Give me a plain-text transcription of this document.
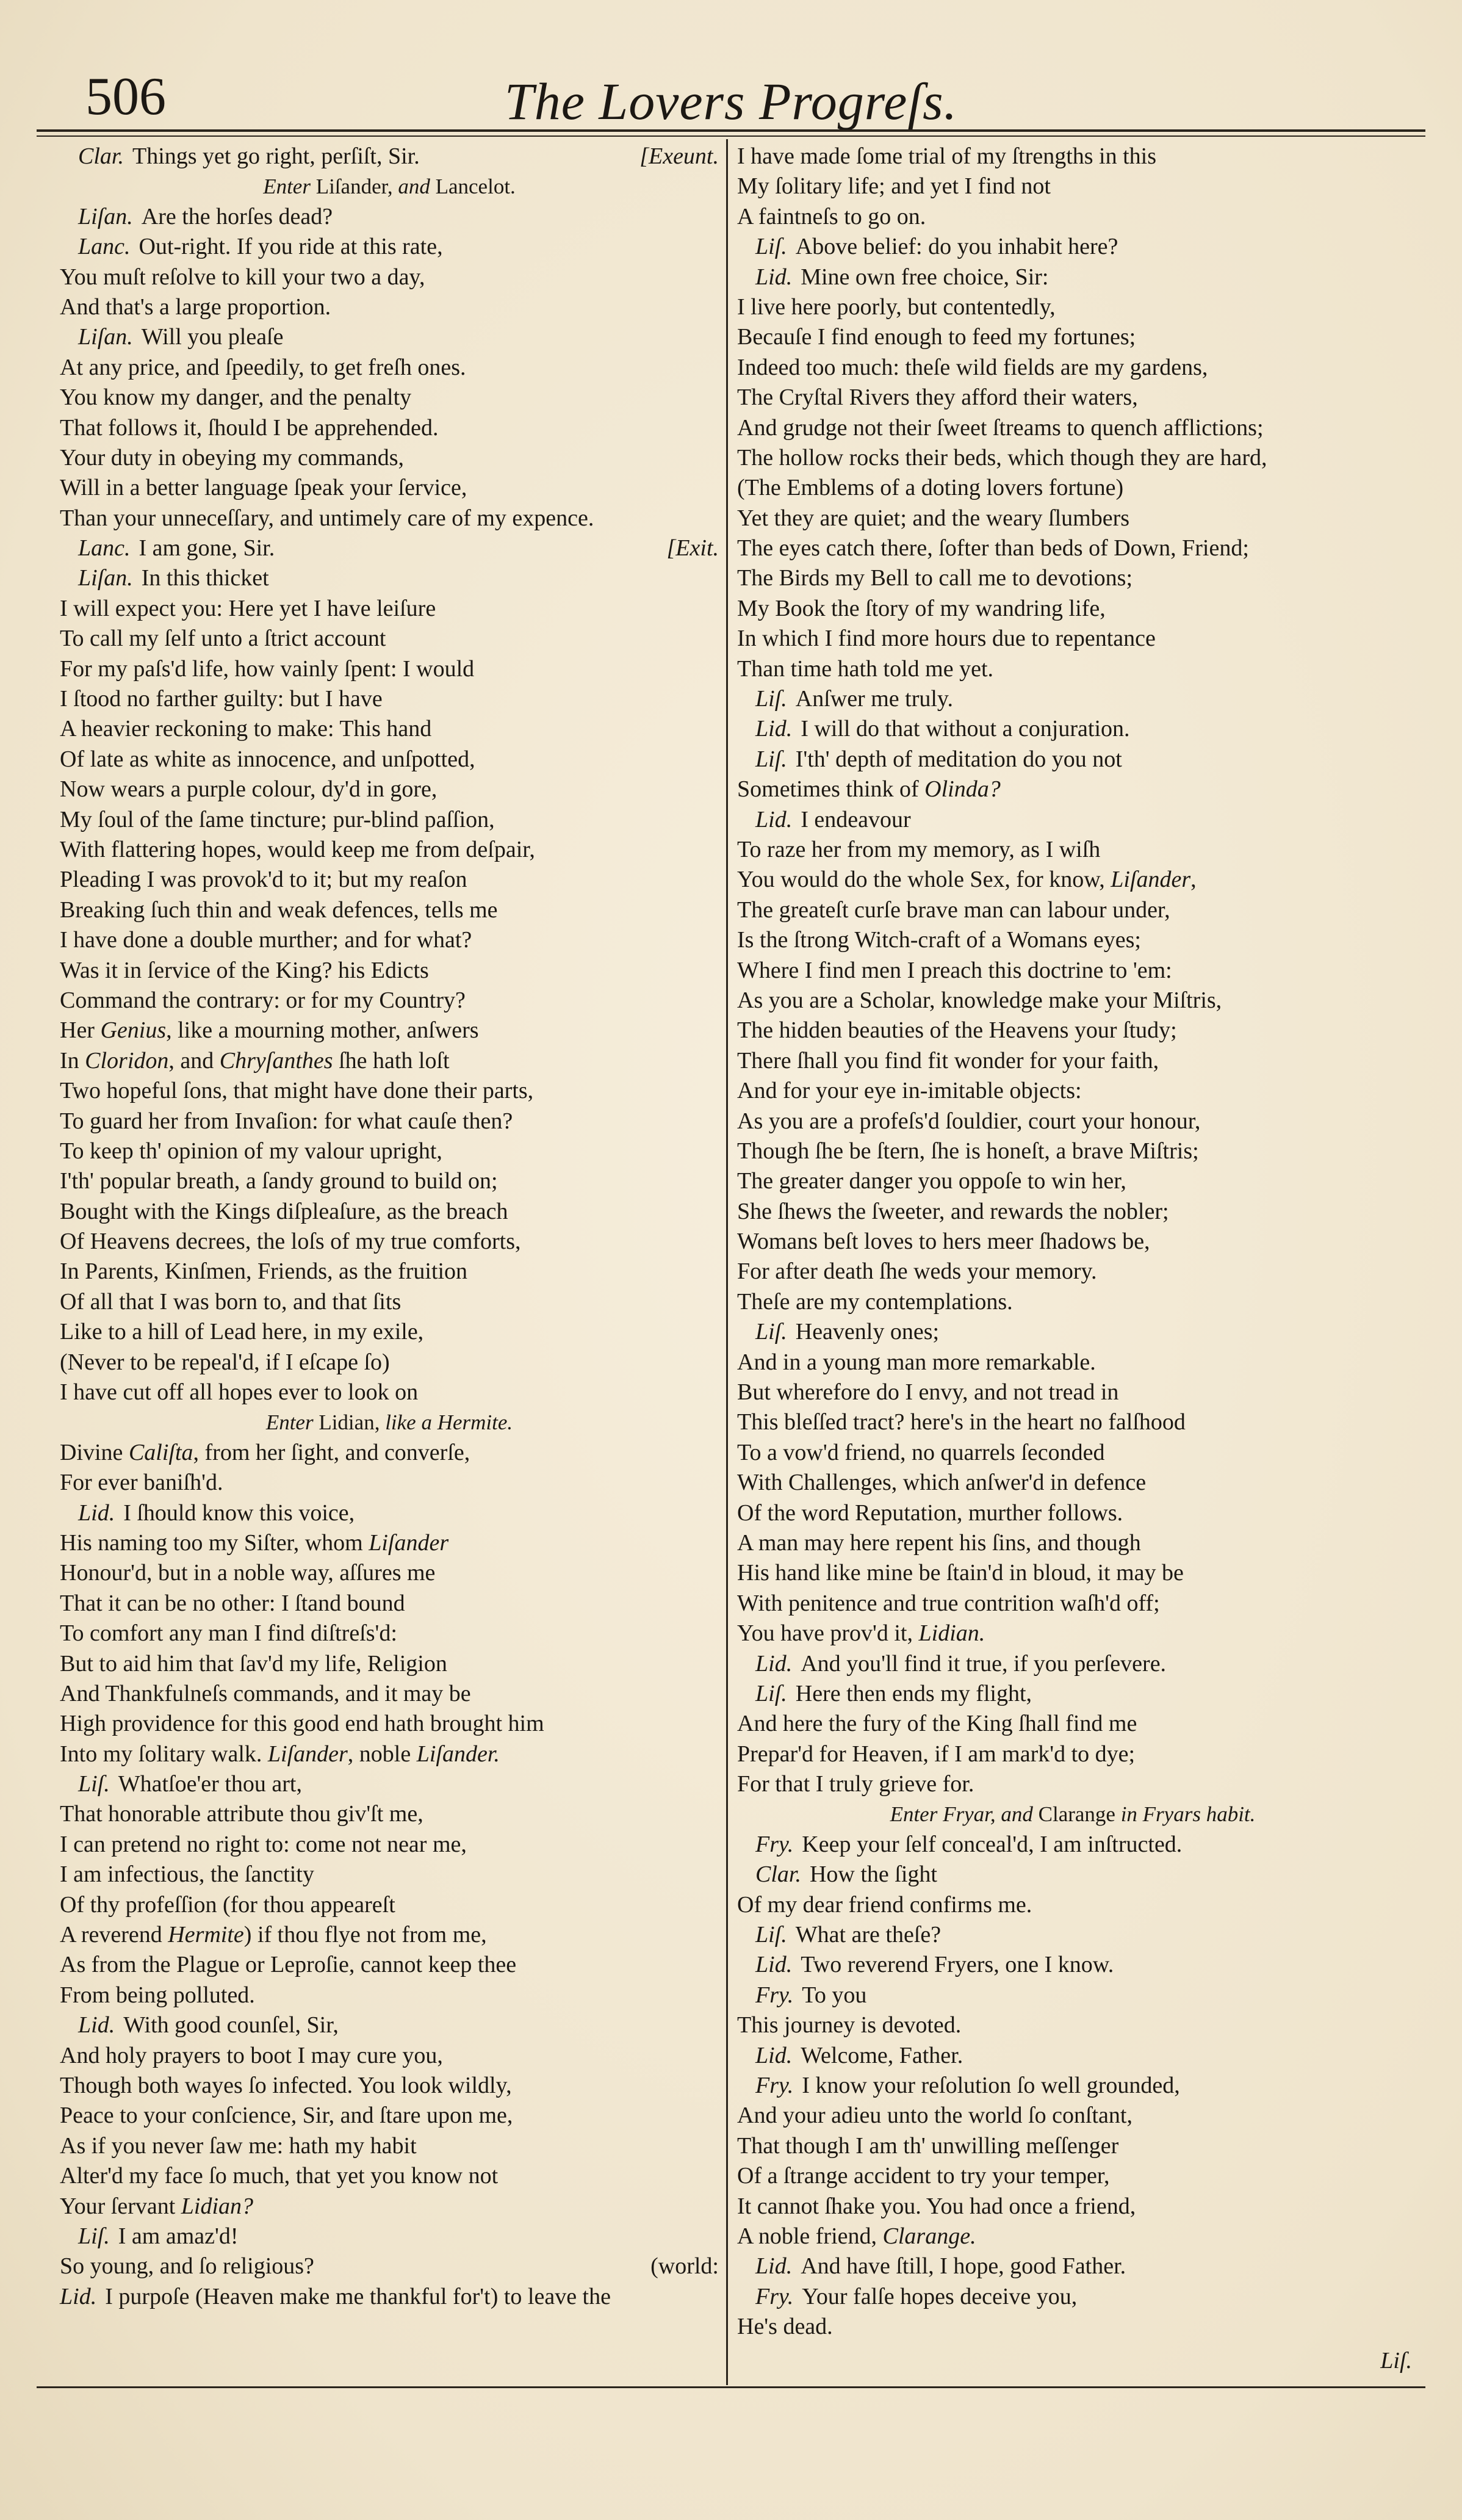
506	The Lovers Progreſs.
Clar. Things yet go right, perſiſt, Sir.	[Exeunt.
Enter Liſander, and Lancelot.
Liſan. Are the horſes dead?
Lanc. Out-right. If you ride at this rate,
You muſt reſolve to kill your two a day,
And that's a large proportion.
Liſan. Will you pleaſe
At any price, and ſpeedily, to get freſh ones.
You know my danger, and the penalty
That follows it, ſhould I be apprehended.
Your duty in obeying my commands,
Will in a better language ſpeak your ſervice,
Than your unneceſſary, and untimely care of my expence.
Lanc. I am gone, Sir.	[Exit.
Liſan. In this thicket
I will expect you: Here yet I have leiſure
To call my ſelf unto a ſtrict account
For my paſs'd life, how vainly ſpent: I would
I ſtood no farther guilty: but I have
A heavier reckoning to make: This hand
Of late as white as innocence, and unſpotted,
Now wears a purple colour, dy'd in gore,
My ſoul of the ſame tincture; pur-blind paſſion,
With flattering hopes, would keep me from deſpair,
Pleading I was provok'd to it; but my reaſon
Breaking ſuch thin and weak defences, tells me
I have done a double murther; and for what?
Was it in ſervice of the King? his Edicts
Command the contrary: or for my Country?
Her Genius, like a mourning mother, anſwers
In Cloridon, and Chryſanthes ſhe hath loſt
Two hopeful ſons, that might have done their parts,
To guard her from Invaſion: for what cauſe then?
To keep th' opinion of my valour upright,
I'th' popular breath, a ſandy ground to build on;
Bought with the Kings diſpleaſure, as the breach
Of Heavens decrees, the loſs of my true comforts,
In Parents, Kinſmen, Friends, as the fruition
Of all that I was born to, and that ſits
Like to a hill of Lead here, in my exile,
(Never to be repeal'd, if I eſcape ſo)
I have cut off all hopes ever to look on
Enter Lidian, like a Hermite.
Divine Caliſta, from her ſight, and converſe,
For ever baniſh'd.
Lid. I ſhould know this voice,
His naming too my Siſter, whom Liſander
Honour'd, but in a noble way, aſſures me
That it can be no other: I ſtand bound
To comfort any man I find diſtreſs'd:
But to aid him that ſav'd my life, Religion
And Thankfulneſs commands, and it may be
High providence for this good end hath brought him
Into my ſolitary walk. Liſander, noble Liſander.
Liſ. Whatſoe'er thou art,
That honorable attribute thou giv'ſt me,
I can pretend no right to: come not near me,
I am infectious, the ſanctity
Of thy profeſſion (for thou appeareſt
A reverend Hermite) if thou flye not from me,
As from the Plague or Leproſie, cannot keep thee
From being polluted.
Lid. With good counſel, Sir,
And holy prayers to boot I may cure you,
Though both wayes ſo infected. You look wildly,
Peace to your conſcience, Sir, and ſtare upon me,
As if you never ſaw me: hath my habit
Alter'd my face ſo much, that yet you know not
Your ſervant Lidian?
Liſ. I am amaz'd!
So young, and ſo religious?	(world:
Lid. I purpoſe (Heaven make me thankful for't) to leave the
I have made ſome trial of my ſtrengths in this
My ſolitary life; and yet I find not
A faintneſs to go on.
Liſ. Above belief: do you inhabit here?
Lid. Mine own free choice, Sir:
I live here poorly, but contentedly,
Becauſe I find enough to feed my fortunes;
Indeed too much: theſe wild fields are my gardens,
The Cryſtal Rivers they afford their waters,
And grudge not their ſweet ſtreams to quench afflictions;
The hollow rocks their beds, which though they are hard,
(The Emblems of a doting lovers fortune)
Yet they are quiet; and the weary ſlumbers
The eyes catch there, ſofter than beds of Down, Friend;
The Birds my Bell to call me to devotions;
My Book the ſtory of my wandring life,
In which I find more hours due to repentance
Than time hath told me yet.
Liſ. Anſwer me truly.
Lid. I will do that without a conjuration.
Liſ. I'th' depth of meditation do you not
Sometimes think of Olinda?
Lid. I endeavour
To raze her from my memory, as I wiſh
You would do the whole Sex, for know, Liſander,
The greateſt curſe brave man can labour under,
Is the ſtrong Witch-craft of a Womans eyes;
Where I find men I preach this doctrine to 'em:
As you are a Scholar, knowledge make your Miſtris,
The hidden beauties of the Heavens your ſtudy;
There ſhall you find fit wonder for your faith,
And for your eye in-imitable objects:
As you are a profeſs'd ſouldier, court your honour,
Though ſhe be ſtern, ſhe is honeſt, a brave Miſtris;
The greater danger you oppoſe to win her,
She ſhews the ſweeter, and rewards the nobler;
Womans beſt loves to hers meer ſhadows be,
For after death ſhe weds your memory.
Theſe are my contemplations.
Liſ. Heavenly ones;
And in a young man more remarkable.
But wherefore do I envy, and not tread in
This bleſſed tract? here's in the heart no falſhood
To a vow'd friend, no quarrels ſeconded
With Challenges, which anſwer'd in defence
Of the word Reputation, murther follows.
A man may here repent his ſins, and though
His hand like mine be ſtain'd in bloud, it may be
With penitence and true contrition waſh'd off;
You have prov'd it, Lidian.
Lid. And you'll find it true, if you perſevere.
Liſ. Here then ends my flight,
And here the fury of the King ſhall find me
Prepar'd for Heaven, if I am mark'd to dye;
For that I truly grieve for.
Enter Fryar, and Clarange in Fryars habit.
Fry. Keep your ſelf conceal'd, I am inſtructed.
Clar. How the ſight
Of my dear friend confirms me.
Liſ. What are theſe?
Lid. Two reverend Fryers, one I know.
Fry. To you
This journey is devoted.
Lid. Welcome, Father.
Fry. I know your reſolution ſo well grounded,
And your adieu unto the world ſo conſtant,
That though I am th' unwilling meſſenger
Of a ſtrange accident to try your temper,
It cannot ſhake you. You had once a friend,
A noble friend, Clarange.
Lid. And have ſtill, I hope, good Father.
Fry. Your falſe hopes deceive you,
He's dead.
Liſ.
